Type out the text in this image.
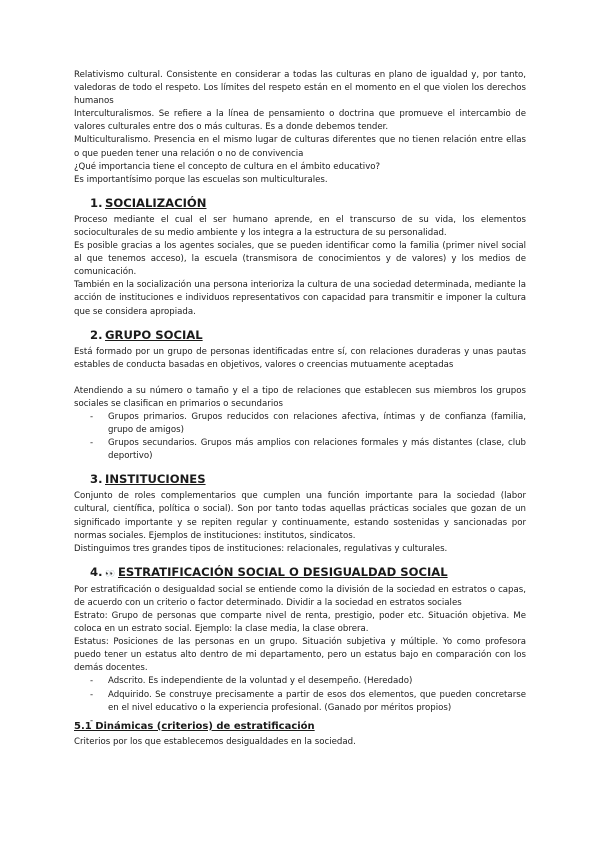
Relativismo cultural. Consistente en considerar a todas las culturas en plano de igualdad y, por tanto, valedoras de todo el respeto. Los límites del respeto están en el momento en el que violen los derechos humanos

Interculturalismos. Se refiere a la línea de pensamiento o doctrina que promueve el intercambio de valores culturales entre dos o más culturas. Es a donde debemos tender.

Multiculturalismo. Presencia en el mismo lugar de culturas diferentes que no tienen relación entre ellas o que pueden tener una relación o no de convivencia

¿Qué importancia tiene el concepto de cultura en el ámbito educativo?

Es importantísimo porque las escuelas son multiculturales.

1. SOCIALIZACIÓN

Proceso mediante el cual el ser humano aprende, en el transcurso de su vida, los elementos socioculturales de su medio ambiente y los integra a la estructura de su personalidad.

Es posible gracias a los agentes sociales, que se pueden identificar como la familia (primer nivel social al que tenemos acceso), la escuela (transmisora de conocimientos y de valores) y los medios de comunicación.

También en la socialización una persona interioriza la cultura de una sociedad determinada, mediante la acción de instituciones e individuos representativos con capacidad para transmitir e imponer la cultura que se considera apropiada.

2. GRUPO SOCIAL

Está formado por un grupo de personas identificadas entre sí, con relaciones duraderas y unas pautas estables de conducta basadas en objetivos, valores o creencias mutuamente aceptadas

Atendiendo a su número o tamaño y el a tipo de relaciones que establecen sus miembros los grupos sociales se clasifican en primarios o secundarios

- Grupos primarios. Grupos reducidos con relaciones afectiva, íntimas y de confianza (familia, grupo de amigos)
- Grupos secundarios. Grupos más amplios con relaciones formales y más distantes (clase, club deportivo)
3. INSTITUCIONES

Conjunto de roles complementarios que cumplen una función importante para la sociedad (labor cultural, científica, política o social). Son por tanto todas aquellas prácticas sociales que gozan de un significado importante y se repiten regular y continuamente, estando sostenidas y sancionadas por normas sociales. Ejemplos de instituciones: institutos, sindicatos.

Distinguimos tres grandes tipos de instituciones: relacionales, regulativas y culturales.

4. 👀 ESTRATIFICACIÓN SOCIAL O DESIGUALDAD SOCIAL

Por estratificación o desigualdad social se entiende como la división de la sociedad en estratos o capas, de acuerdo con un criterio o factor determinado. Dividir a la sociedad en estratos sociales

Estrato: Grupo de personas que comparte nivel de renta, prestigio, poder etc. Situación objetiva. Me coloca en un estrato social. Ejemplo: la clase media, la clase obrera.

Estatus: Posiciones de las personas en un grupo. Situación subjetiva y múltiple. Yo como profesora puedo tener un estatus alto dentro de mi departamento, pero un estatus bajo en comparación con los demás docentes.

- Adscrito. Es independiente de la voluntad y el desempeño. (Heredado)
- Adquirido. Se construye precisamente a partir de esos dos elementos, que pueden concretarse en el nivel educativo o la experiencia profesional. (Ganado por méritos propios)
5.1 Dinámicas (criterios) de estratificación

Criterios por los que establecemos desigualdades en la sociedad.
